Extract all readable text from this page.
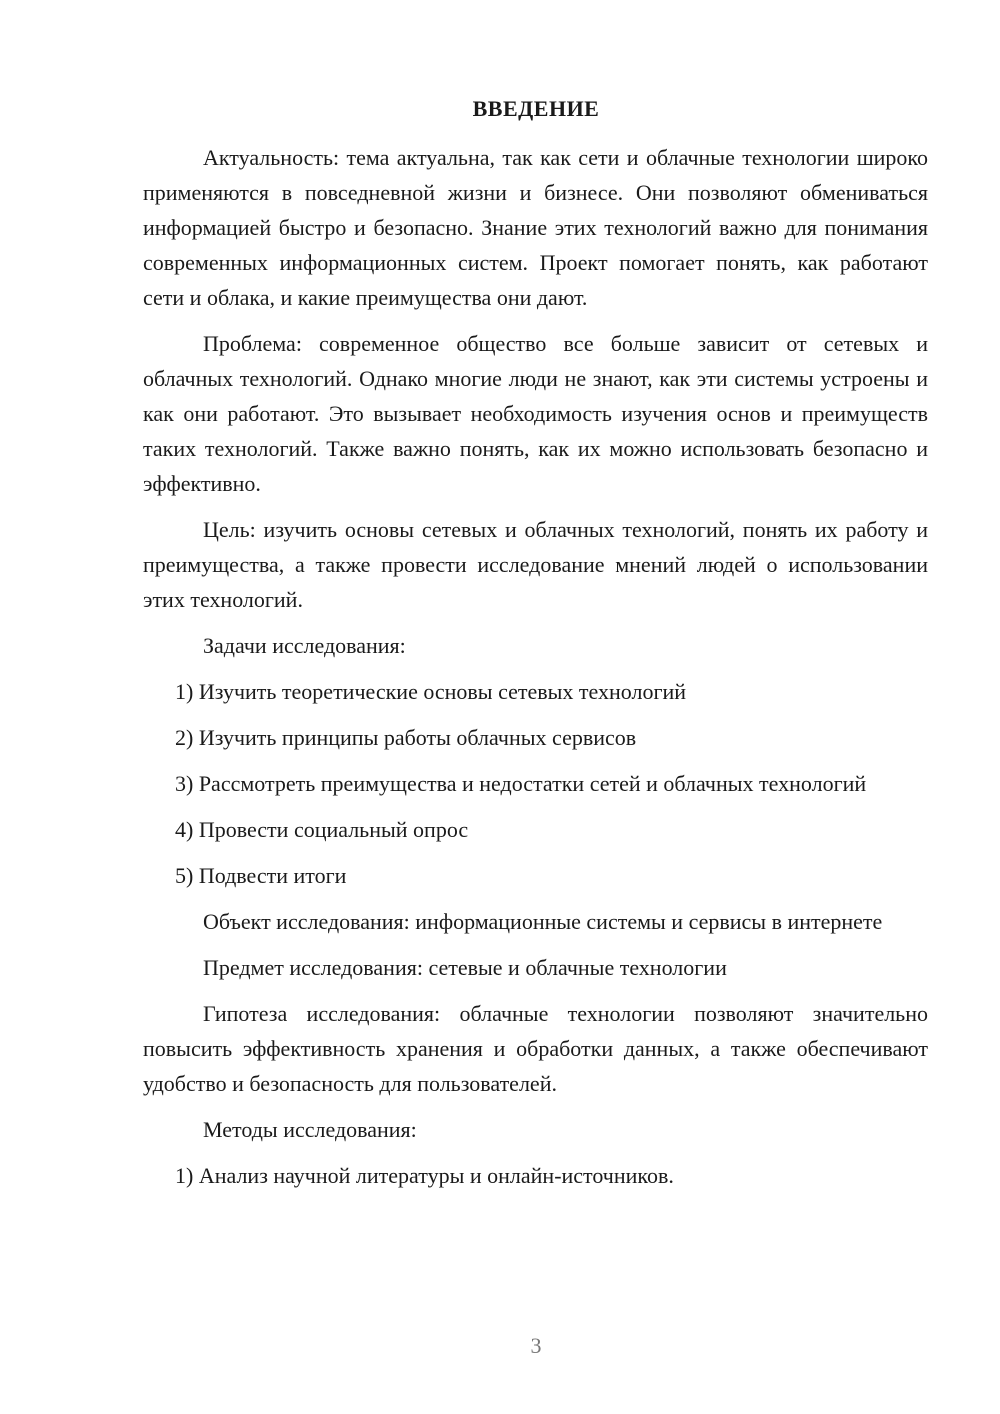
ВВЕДЕНИЕ

Актуальность: тема актуальна, так как сети и облачные технологии широко применяются в повседневной жизни и бизнесе. Они позволяют обмениваться информацией быстро и безопасно. Знание этих технологий важно для понимания современных информационных систем. Проект помогает понять, как работают сети и облака, и какие преимущества они дают.

Проблема: современное общество все больше зависит от сетевых и облачных технологий. Однако многие люди не знают, как эти системы устроены и как они работают. Это вызывает необходимость изучения основ и преимуществ таких технологий. Также важно понять, как их можно использовать безопасно и эффективно.

Цель: изучить основы сетевых и облачных технологий, понять их работу и преимущества, а также провести исследование мнений людей о использовании этих технологий.

Задачи исследования:

1) Изучить теоретические основы сетевых технологий

2) Изучить принципы работы облачных сервисов

3) Рассмотреть преимущества и недостатки сетей и облачных технологий

4) Провести социальный опрос

5) Подвести итоги

Объект исследования: информационные системы и сервисы в интернете

Предмет исследования: сетевые и облачные технологии

Гипотеза исследования: облачные технологии позволяют значительно повысить эффективность хранения и обработки данных, а также обеспечивают удобство и безопасность для пользователей.

Методы исследования:

1) Анализ научной литературы и онлайн-источников.

3
